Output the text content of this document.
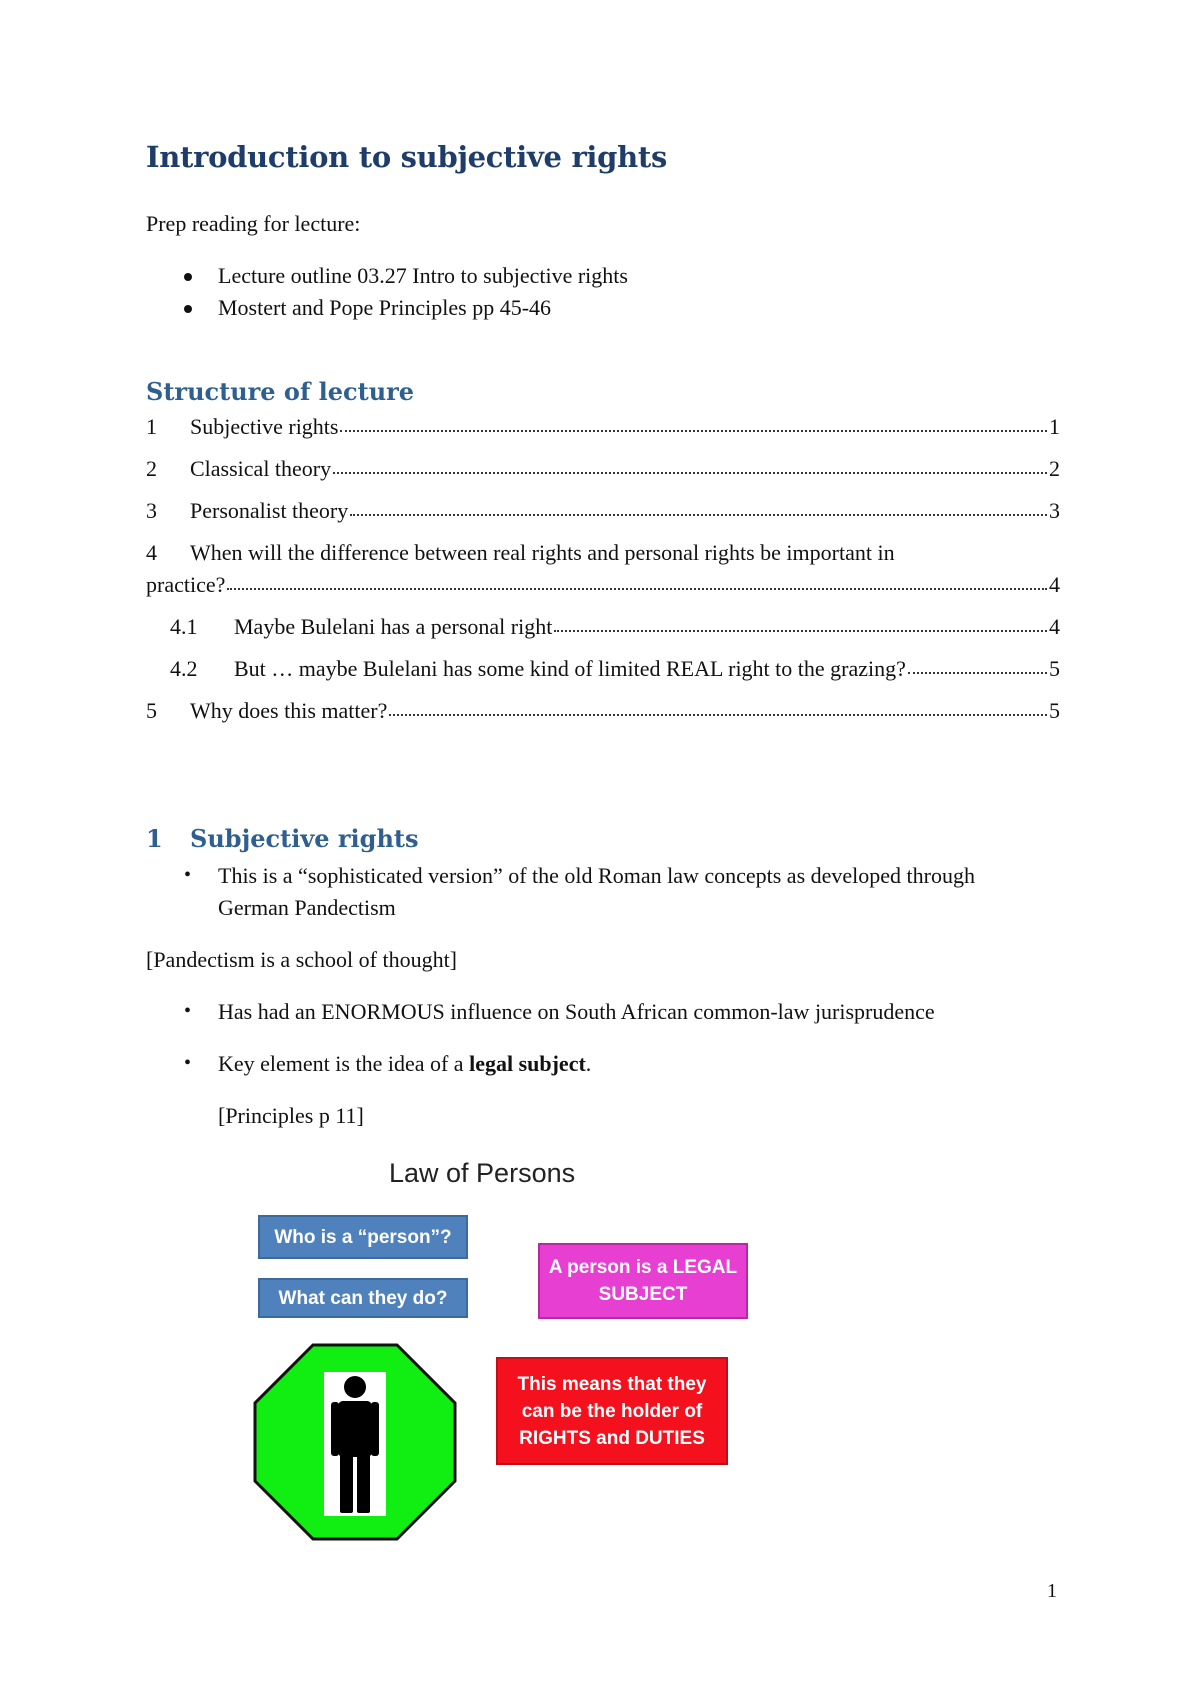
Introduction to subjective rights

Prep reading for lecture:

Lecture outline 03.27 Intro to subjective rights

Mostert and Pope Principles pp 45-46

Structure of lecture
1	Subjective rights	1
2	Classical theory	2
3	Personalist theory	3
4	When will the difference between real rights and personal rights be important in
practice?	4
4.1	Maybe Bulelani has a personal right	4
4.2	But … maybe Bulelani has some kind of limited REAL right to the grazing?	5
5	Why does this matter?	5
1 Subjective rights
• This is a “sophisticated version” of the old Roman law concepts as developed through

German Pandectism

[Pandectism is a school of thought]

• Has had an ENORMOUS influence on South African common-law jurisprudence

• Key element is the idea of a legal subject.

[Principles p 11]

Law of Persons
Who is a “person”?
What can they do?
A person is a LEGAL
SUBJECT
This means that they
can be the holder of
RIGHTS and DUTIES
1
